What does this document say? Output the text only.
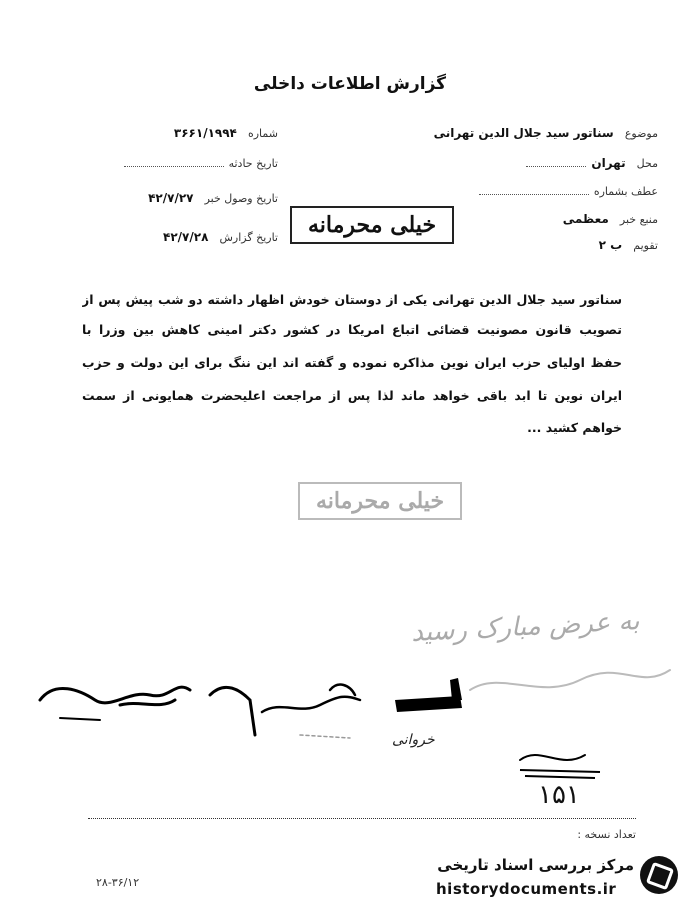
گزارش اطلاعات داخلی
موضوع سناتور سید جلال الدین تهرانی
محل تهران
عطف بشماره
منبع خبر معظمی
تقویم ب ۲
شماره ۳۶۶۱/۱۹۹۴
تاریخ حادثه
تاریخ وصول خبر ۴۲/۷/۲۷
تاریخ گزارش ۴۲/۷/۲۸	خیلی محرمانه
سناتور سید جلال الدین تهرانی یکی از دوستان خودش اظهار داشته دو شب پیش پس از
تصویب قانون مصونیت قضائی اتباع امریکا در کشور دکتر امینی کاهش بین وزرا با
حفظ اولیای حزب ایران نوین مذاکره نموده و گفته اند این ننگ برای این دولت و حزب
ایران نوین تا ابد باقی خواهد ماند لذا پس از مراجعت اعلیحضرت همایونی از سمت
خواهم کشید ...
خیلی محرمانه
به عرض مبارک رسید
خروانی
۱۵۱
تعداد نسخه :
۲۸-۳۶/۱۲
مرکز بررسی اسناد تاریخی
historydocuments.ir
